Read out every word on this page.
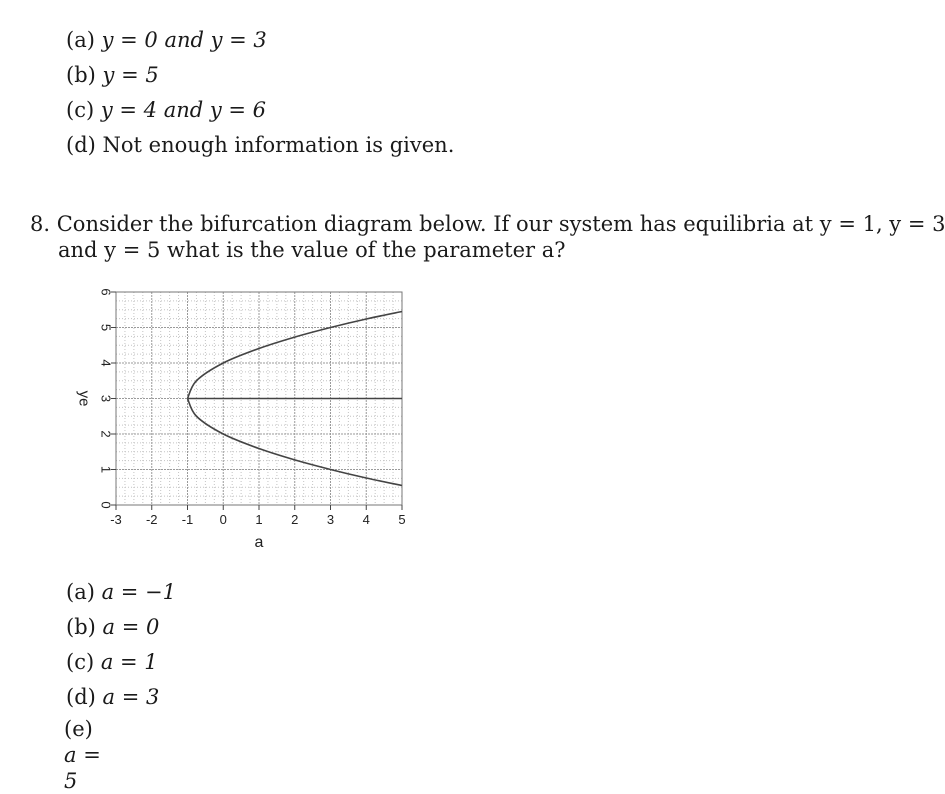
(a) y = 0 and y = 3
(b) y = 5
(c) y = 4 and y = 6
(d) Not enough information is given.
8. Consider the bifurcation diagram below. If our system has equilibria at y = 1, y = 3
and y = 5 what is the value of the parameter a?
-3 -2 -1 0 1 2 3 4 5
0
1
2
3
4
5
6
a
ye
(a) a = −1
(b) a = 0
(c) a = 1
(d) a = 3
(e) a = 5
